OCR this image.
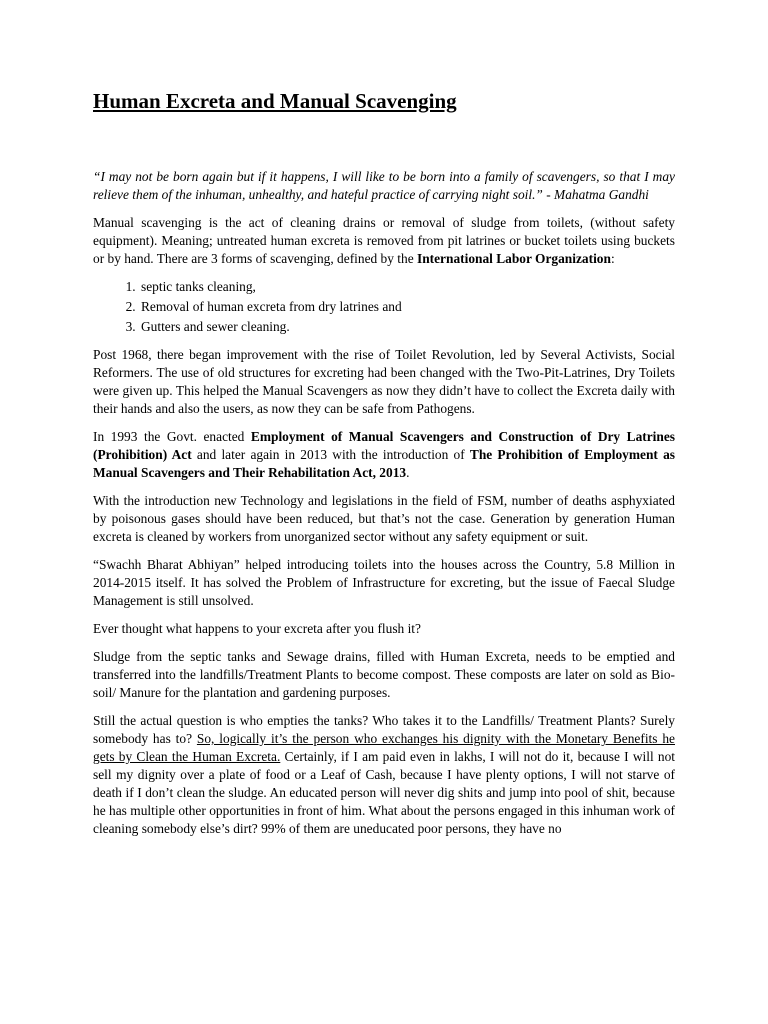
Human Excreta and Manual Scavenging

“I may not be born again but if it happens, I will like to be born into a family of scavengers, so that I may relieve them of the inhuman, unhealthy, and hateful practice of carrying night soil.” - Mahatma Gandhi

Manual scavenging is the act of cleaning drains or removal of sludge from toilets, (without safety equipment). Meaning; untreated human excreta is removed from pit latrines or bucket toilets using buckets or by hand. There are 3 forms of scavenging, defined by the International Labor Organization:

1. septic tanks cleaning,
2. Removal of human excreta from dry latrines and
3. Gutters and sewer cleaning.

Post 1968, there began improvement with the rise of Toilet Revolution, led by Several Activists, Social Reformers. The use of old structures for excreting had been changed with the Two-Pit-Latrines, Dry Toilets were given up. This helped the Manual Scavengers as now they didn’t have to collect the Excreta daily with their hands and also the users, as now they can be safe from Pathogens.

In 1993 the Govt. enacted Employment of Manual Scavengers and Construction of Dry Latrines (Prohibition) Act and later again in 2013 with the introduction of The Prohibition of Employment as Manual Scavengers and Their Rehabilitation Act, 2013.

With the introduction new Technology and legislations in the field of FSM, number of deaths asphyxiated by poisonous gases should have been reduced, but that’s not the case. Generation by generation Human excreta is cleaned by workers from unorganized sector without any safety equipment or suit.

“Swachh Bharat Abhiyan” helped introducing toilets into the houses across the Country, 5.8 Million in 2014-2015 itself. It has solved the Problem of Infrastructure for excreting, but the issue of Faecal Sludge Management is still unsolved.

Ever thought what happens to your excreta after you flush it?

Sludge from the septic tanks and Sewage drains, filled with Human Excreta, needs to be emptied and transferred into the landfills/Treatment Plants to become compost. These composts are later on sold as Bio-soil/ Manure for the plantation and gardening purposes.

Still the actual question is who empties the tanks? Who takes it to the Landfills/ Treatment Plants? Surely somebody has to? So, logically it’s the person who exchanges his dignity with the Monetary Benefits he gets by Clean the Human Excreta. Certainly, if I am paid even in lakhs, I will not do it, because I will not sell my dignity over a plate of food or a Leaf of Cash, because I have plenty options, I will not starve of death if I don’t clean the sludge. An educated person will never dig shits and jump into pool of shit, because he has multiple other opportunities in front of him. What about the persons engaged in this inhuman work of cleaning somebody else’s dirt? 99% of them are uneducated poor persons, they have no
